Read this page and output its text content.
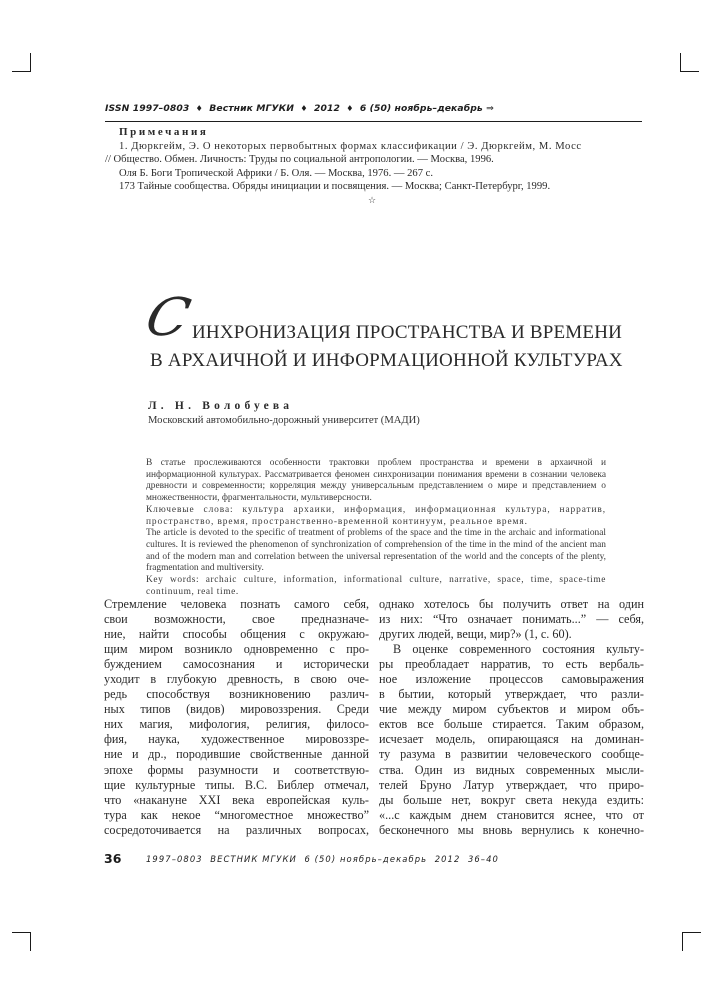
ISSN 1997–0803 ♦ Вестник МГУКИ ♦ 2012 ♦ 6 (50) ноябрь–декабрь ⇒
Примечания
1. Дюркгейм, Э. О некоторых первобытных формах классификации / Э. Дюркгейм, М. Мосс
// Общество. Обмен. Личность: Труды по социальной антропологии. — Москва, 1996.
Оля Б. Боги Тропической Африки / Б. Оля. — Москва, 1976. — 267 с.
173 Тайные сообщества. Обряды инициации и посвящения. — Москва; Санкт-Петербург, 1999.
☆
С
ИНХРОНИЗАЦИЯ ПРОСТРАНСТВА И ВРЕМЕНИ
В АРХАИЧНОЙ И ИНФОРМАЦИОННОЙ КУЛЬТУРАХ
Л. Н. Волобуева
Московский автомобильно-дорожный университет (МАДИ)

В статье прослеживаются особенности трактовки проблем пространства и времени в архаичной и информационной культурах. Рассматривается феномен синхронизации понимания времени в сознании человека древности и современности; корреляция между универсальным представлением о мире и представлением о множественности, фрагментальности, мультиверсности.

Ключевые слова: культура архаики, информация, информационная культура, нарратив, пространство, время, пространственно-временной континуум, реальное время.

The article is devoted to the specific of treatment of problems of the space and the time in the archaic and informational cultures. It is reviewed the phenomenon of synchronization of comprehension of the time in the mind of the ancient man and of the modern man and correlation between the universal representation of the world and the concepts of the plenty, fragmentation and multiversity.

Key words: archaic culture, information, informational culture, narrative, space, time, space-time continuum, real time.

Стремление человека познать самого себя,
свои возможности, свое предназначе-
ние, найти способы общения с окружаю-
щим миром возникло одновременно с про-
буждением самосознания и исторически
уходит в глубокую древность, в свою оче-
редь способствуя возникновению различ-
ных типов (видов) мировоззрения. Среди
них магия, мифология, религия, филосо-
фия, наука, художественное мировоззре-
ние и др., породившие свойственные данной
эпохе формы разумности и соответствую-
щие культурные типы. В.С. Библер отмечал,
что «накануне XXI века европейская куль-
тура как некое “многоместное множество”
сосредоточивается на различных вопросах,
однако хотелось бы получить ответ на один
из них: “Что означает понимать...” — себя,
других людей, вещи, мир?» (1, с. 60).
В оценке современного состояния культу-
ры преобладает нарратив, то есть вербаль-
ное изложение процессов самовыражения
в бытии, который утверждает, что разли-
чие между миром субъектов и миром объ-
ектов все больше стирается. Таким образом,
исчезает модель, опирающаяся на доминан-
ту разума в развитии человеческого сообще-
ства. Один из видных современных мысли-
телей Бруно Латур утверждает, что приро-
ды больше нет, вокруг света некуда ездить:
«...с каждым днем становится яснее, что от
бесконечного мы вновь вернулись к конечно-
36	1997–0803  ВЕСТНИК МГУКИ  6 (50) ноябрь–декабрь  2012  36–40
